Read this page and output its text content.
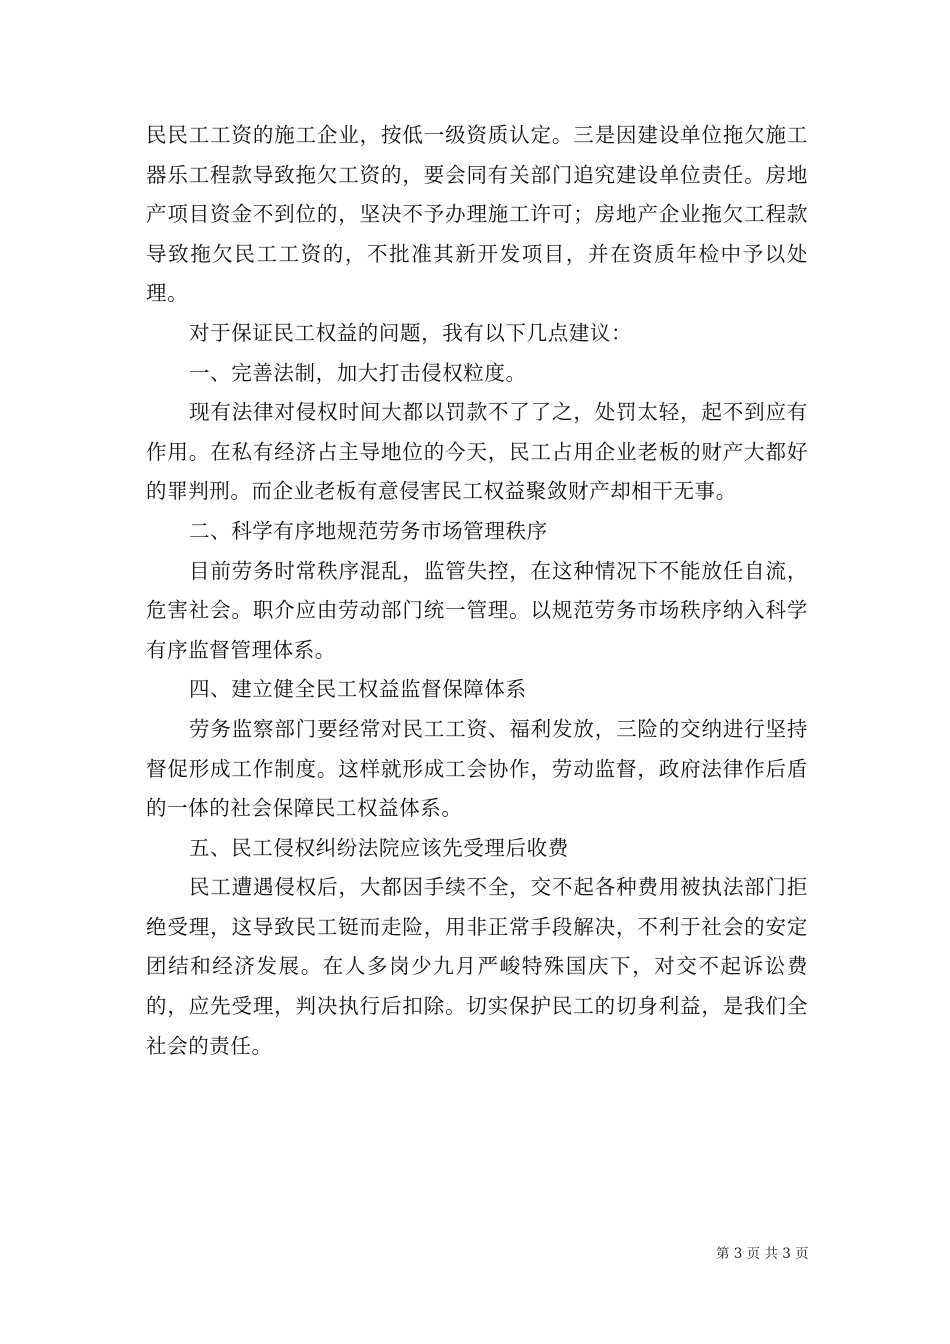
民民工工资的施工企业，按低一级资质认定。三是因建设单位拖欠施工器乐工程款导致拖欠工资的，要会同有关部门追究建设单位责任。房地产项目资金不到位的，坚决不予办理施工许可；房地产企业拖欠工程款导致拖欠民工工资的，不批准其新开发项目，并在资质年检中予以处理。

对于保证民工权益的问题，我有以下几点建议：

一、完善法制，加大打击侵权粒度。

现有法律对侵权时间大都以罚款不了了之，处罚太轻，起不到应有作用。在私有经济占主导地位的今天，民工占用企业老板的财产大都好的罪判刑。而企业老板有意侵害民工权益聚敛财产却相干无事。

二、科学有序地规范劳务市场管理秩序

目前劳务时常秩序混乱，监管失控，在这种情况下不能放任自流，危害社会。职介应由劳动部门统一管理。以规范劳务市场秩序纳入科学有序监督管理体系。

四、建立健全民工权益监督保障体系

劳务监察部门要经常对民工工资、福利发放，三险的交纳进行坚持督促形成工作制度。这样就形成工会协作，劳动监督，政府法律作后盾的一体的社会保障民工权益体系。

五、民工侵权纠纷法院应该先受理后收费

民工遭遇侵权后，大都因手续不全，交不起各种费用被执法部门拒绝受理，这导致民工铤而走险，用非正常手段解决，不利于社会的安定团结和经济发展。在人多岗少九月严峻特殊国庆下，对交不起诉讼费的，应先受理，判决执行后扣除。切实保护民工的切身利益，是我们全社会的责任。

第 3 页 共 3 页
